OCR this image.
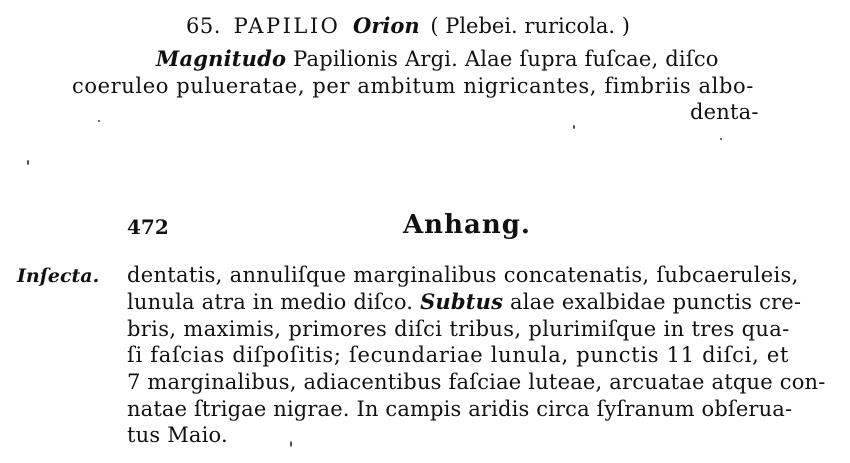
65. PAPILIO Orion ( Plebei. ruricola. )
Magnitudo Papilionis Argi. Alae ſupra fuſcae, diſco
coeruleo pulueratae, per ambitum nigricantes, fimbriis albo-
denta-
472	Anhang.
Inſecta. dentatis, annuliſque marginalibus concatenatis, ſubcaeruleis,
lunula atra in medio diſco. Subtus alae exalbidae punctis cre-
bris, maximis, primores diſci tribus, plurimiſque in tres qua-
ſi faſcias diſpoſitis; ſecundariae lunula, punctis 11 diſci, et
7 marginalibus, adiacentibus faſciae luteae, arcuatae atque con-
natae ſtrigae nigrae. In campis aridis circa ſyſranum obſerua-
tus Maio.
